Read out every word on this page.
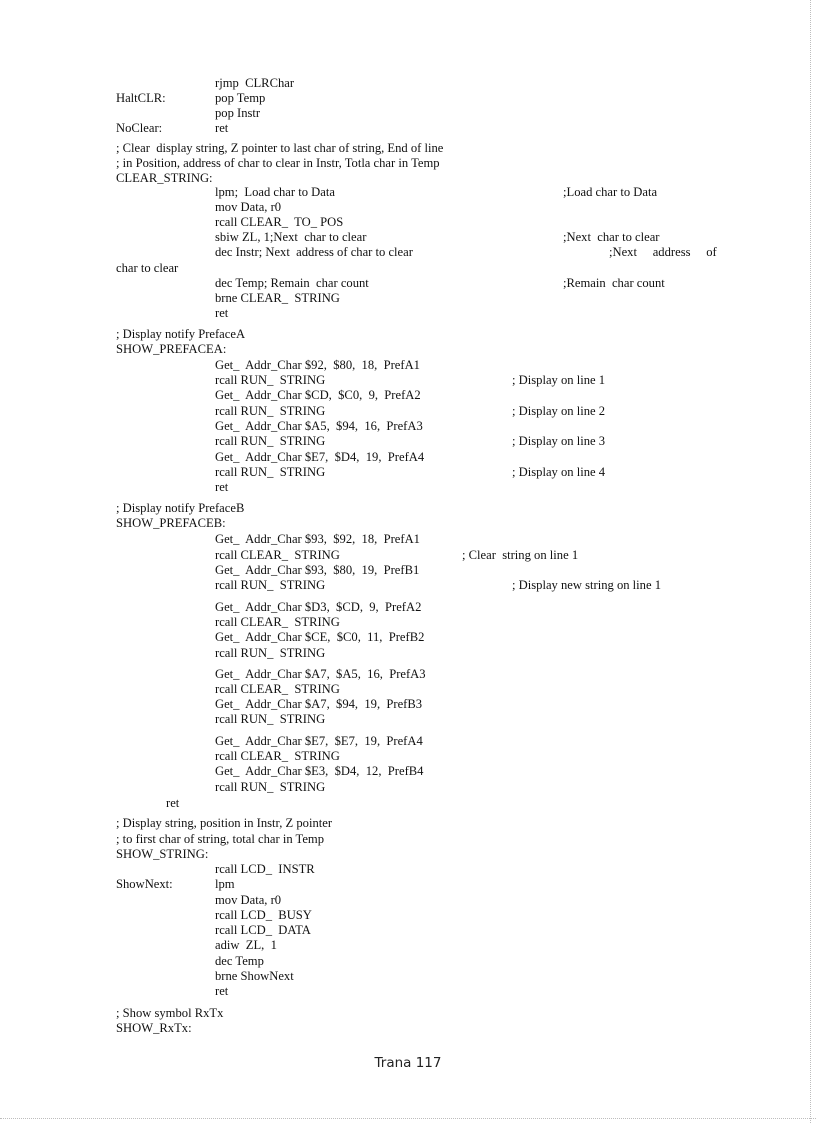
rjmp  CLRChar
HaltCLR:	pop Temp
pop Instr
NoClear:	ret
; Clear  display string, Z pointer to last char of string, End of line
; in Position, address of char to clear in Instr, Totla char in Temp
CLEAR_STRING:
lpm;  Load char to Data	;Load char to Data
mov Data, r0
rcall CLEAR_  TO_ POS
sbiw ZL, 1;Next  char to clear	;Next  char to clear
dec Instr; Next  address of char to clear	;Next     address     of
char to clear
dec Temp; Remain  char count	;Remain  char count
brne CLEAR_  STRING
ret
; Display notify PrefaceA
SHOW_PREFACEA:
Get_  Addr_Char $92,  $80,  18,  PrefA1
rcall RUN_  STRING	; Display on line 1
Get_  Addr_Char $CD,  $C0,  9,  PrefA2
rcall RUN_  STRING	; Display on line 2
Get_  Addr_Char $A5,  $94,  16,  PrefA3
rcall RUN_  STRING	; Display on line 3
Get_  Addr_Char $E7,  $D4,  19,  PrefA4
rcall RUN_  STRING	; Display on line 4
ret
; Display notify PrefaceB
SHOW_PREFACEB:
Get_  Addr_Char $93,  $92,  18,  PrefA1
rcall CLEAR_  STRING	; Clear  string on line 1
Get_  Addr_Char $93,  $80,  19,  PrefB1
rcall RUN_  STRING	; Display new string on line 1
Get_  Addr_Char $D3,  $CD,  9,  PrefA2
rcall CLEAR_  STRING
Get_  Addr_Char $CE,  $C0,  11,  PrefB2
rcall RUN_  STRING
Get_  Addr_Char $A7,  $A5,  16,  PrefA3
rcall CLEAR_  STRING
Get_  Addr_Char $A7,  $94,  19,  PrefB3
rcall RUN_  STRING
Get_  Addr_Char $E7,  $E7,  19,  PrefA4
rcall CLEAR_  STRING
Get_  Addr_Char $E3,  $D4,  12,  PrefB4
rcall RUN_  STRING
ret
; Display string, position in Instr, Z pointer
; to first char of string, total char in Temp
SHOW_STRING:
rcall LCD_  INSTR
ShowNext:	lpm
mov Data, r0
rcall LCD_  BUSY
rcall LCD_  DATA
adiw  ZL,  1
dec Temp
brne ShowNext
ret
; Show symbol RxTx
SHOW_RxTx:
Trana 117
